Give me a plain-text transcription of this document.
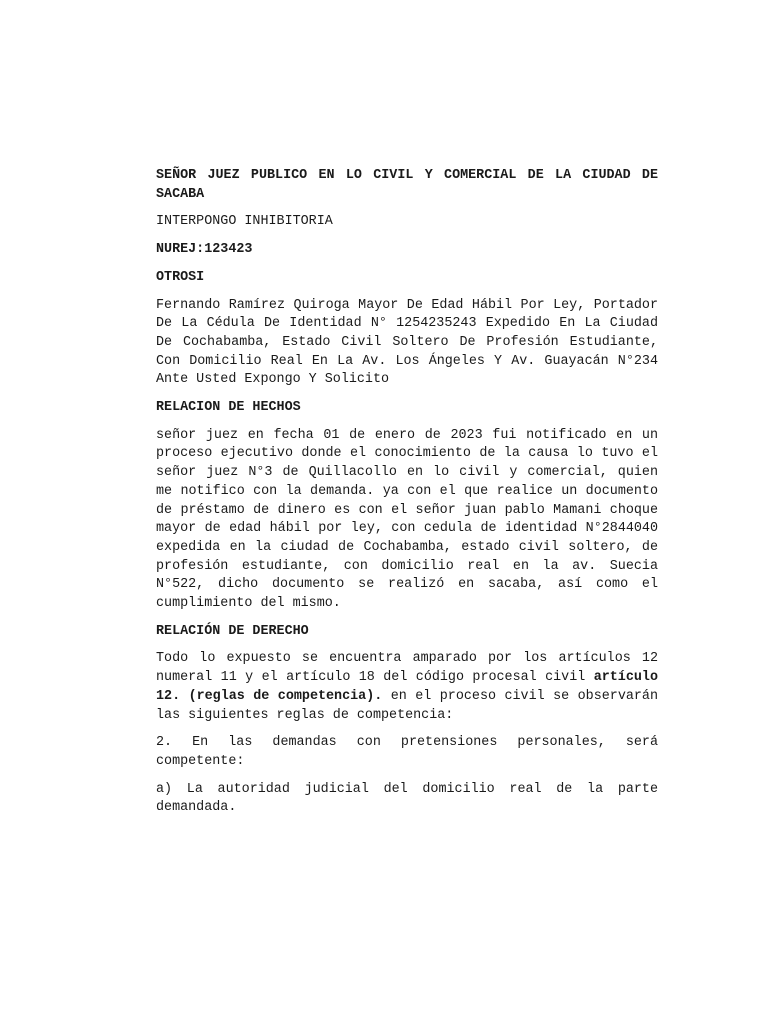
SEÑOR JUEZ PUBLICO EN LO CIVIL Y COMERCIAL DE LA CIUDAD DE SACABA

INTERPONGO INHIBITORIA

NUREJ:123423

OTROSI

Fernando Ramírez Quiroga Mayor De Edad Hábil Por Ley, Portador De La Cédula De Identidad N° 1254235243 Expedido En La Ciudad De Cochabamba, Estado Civil Soltero De Profesión Estudiante, Con Domicilio Real En La Av. Los Ángeles Y Av. Guayacán N°234 Ante Usted Expongo Y Solicito

RELACION DE HECHOS

señor juez en fecha 01 de enero de 2023 fui notificado en un proceso ejecutivo donde el conocimiento de la causa lo tuvo el señor juez N°3 de Quillacollo en lo civil y comercial, quien me notifico con la demanda. ya con el que realice un documento de préstamo de dinero es con el señor juan pablo Mamani choque mayor de edad hábil por ley, con cedula de identidad N°2844040 expedida en la ciudad de Cochabamba, estado civil soltero, de profesión estudiante, con domicilio real en la av. Suecia N°522, dicho documento se realizó en sacaba, así como el cumplimiento del mismo.

RELACIÓN DE DERECHO

Todo lo expuesto se encuentra amparado por los artículos 12 numeral 11 y el artículo 18 del código procesal civil artículo 12. (reglas de competencia). en el proceso civil se observarán las siguientes reglas de competencia:

2. En las demandas con pretensiones personales, será competente:

a) La autoridad judicial del domicilio real de la parte demandada.
